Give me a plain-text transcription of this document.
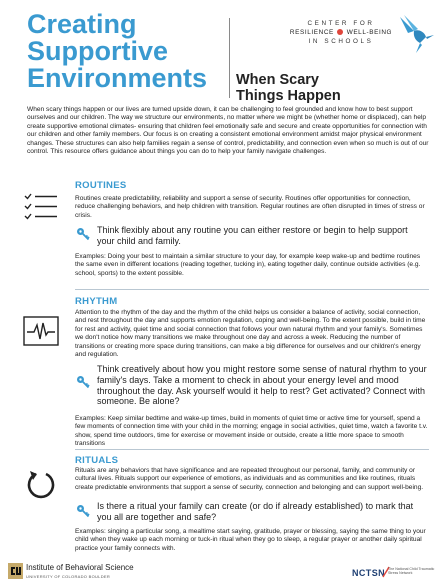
Creating
Supportive
Environments	When Scary
Things Happen
CENTER FOR
RESILIENCE WELL-BEING
IN SCHOOLS
When scary things happen or our lives are turned upside down, it can be challenging to feel grounded and know how to best support ourselves and our children. The way we structure our environments, no matter where we might be (whether home or displaced), can help create supportive emotional climates- ensuring that children feel emotionally safe and secure and create opportunities for connection with our children and other family members. Our focus is on creating a consistent emotional environment amidst major physical environment changes. These structures can also help families regain a sense of control, predictability, and connection even when so much is out of our control. This resource offers guidance about things you can do to help your family navigate challenges.
ROUTINES
Routines create predictability, reliability and support a sense of security. Routines offer opportunities for connection, reduce challenging behaviors, and help children with transition. Regular routines are often disrupted in times of stress or crisis.
Think flexibly about any routine you can either restore or begin to help support your child and family.
Examples: Doing your best to maintain a similar structure to your day, for example keep wake-up and bedtime routines the same even in different locations (reading together, tucking in), eating together daily, continue outside activities (e.g. school, sports) to the extent possible.
RHYTHM
Attention to the rhythm of the day and the rhythm of the child helps us consider a balance of activity, social connection, and rest throughout the day and supports emotion regulation, coping and well-being. To the extent possible, build in time for rest and activity, quiet time and social connection that follows your own natural rhythm and your family's. Sometimes we don't notice how many transitions we make throughout one day and across a week. Reducing the number of transitions or creating more space during transitions, can make a big difference for ourselves and our children's energy and regulation.
Think creatively about how you might restore some sense of natural rhythm to your family's days. Take a moment to check in about your energy level and mood throughout the day. Ask yourself would it help to rest? Get activated? Connect with someone. Be alone?
Examples: Keep similar bedtime and wake-up times, build in moments of quiet time or active time for yourself, spend a few moments of connection time with your child in the morning; engage in social activities, quiet time, watch a favorite t.v. show, spend time outdoors, time for exercise or movement inside or outside, create a little more space to smooth transitions
RITUALS
Rituals are any behaviors that have significance and are repeated throughout our personal, family, and community or cultural lives. Rituals support our experience of emotions, as individuals and as communities and like routines, rituals create predictable environments that support a sense of security, connection and belonging and can support well-being.
Is there a ritual your family can create (or do if already established) to mark that you all are together and safe?
Examples: singing a particular song, a mealtime start saying, gratitude, prayer or blessing, saying the same thing to your child when they wake up each morning or tuck-in ritual when they go to sleep, a regular prayer or another daily spiritual practice your family connects with.
Institute of Behavioral Science
UNIVERSITY OF COLORADO BOULDER	NCTSN The National Child Traumatic Stress Network
